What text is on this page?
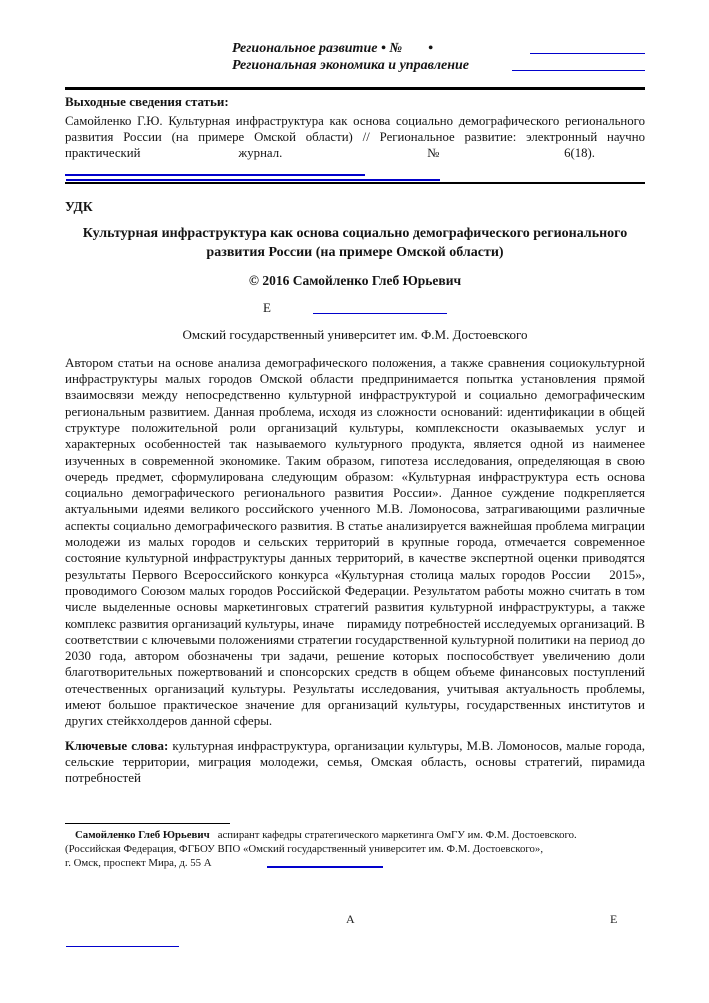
Региональное развитие • № •
Региональная экономика и управление
Выходные сведения статьи:
Самойленко Г.Ю. Культурная инфраструктура как основа социально демографического регионального развития России (на примере Омской области) // Региональное развитие: электронный научно практический журнал.	№ 6(18).
УДК
Культурная инфраструктура как основа социально демографического регионального развития России (на примере Омской области)
© 2016 Самойленко Глеб Юрьевич
Е
Омский государственный университет им. Ф.М. Достоевского
Автором статьи на основе анализа демографического положения, а также сравнения социокультурной инфраструктуры малых городов Омской области предпринимается попытка установления прямой взаимосвязи между непосредственно культурной инфраструктурой и социально демографическим региональным развитием. Данная проблема, исходя из сложности оснований: идентификации в общей структуре положительной роли организаций культуры, комплексности оказываемых услуг и характерных особенностей так называемого культурного продукта, является одной из наименее изученных в современной экономике. Таким образом, гипотеза исследования, определяющая в свою очередь предмет, сформулирована следующим образом: «Культурная инфраструктура есть основа социально демографического регионального развития России». Данное суждение подкрепляется актуальными идеями великого российского ученного М.В. Ломоносова, затрагивающими различные аспекты социально демографического развития. В статье анализируется важнейшая проблема миграции молодежи из малых городов и сельских территорий в крупные города, отмечается современное состояние культурной инфраструктуры данных территорий, в качестве экспертной оценки приводятся результаты Первого Всероссийского конкурса «Культурная столица малых городов России   2015», проводимого Союзом малых городов Российской Федерации. Результатом работы можно считать в том числе выделенные основы маркетинговых стратегий развития культурной инфраструктуры, а также комплекс развития организаций культуры, иначе   пирамиду потребностей исследуемых организаций. В соответствии с ключевыми положениями стратегии государственной культурной политики на период до 2030 года, автором обозначены три задачи, решение которых поспособствует увеличению доли благотворительных пожертвований и спонсорских средств в общем объеме финансовых поступлений отечественных организаций культуры. Результаты исследования, учитывая актуальность проблемы, имеют большое практическое значение для организаций культуры, государственных институтов и других стейкхолдеров данной сферы.
Ключевые слова: культурная инфраструктура, организации культуры, М.В. Ломоносов, малые города, сельские территории, миграция молодежи, семья, Омская область, основы стратегий, пирамида потребностей
Самойленко Глеб Юрьевич аспирант кафедры стратегического маркетинга ОмГУ им. Ф.М. Достоевского.
(Российская Федерация, ФГБОУ ВПО «Омский государственный университет им. Ф.М. Достоевского»,
г. Омск, проспект Мира, д. 55 А
А	Е
